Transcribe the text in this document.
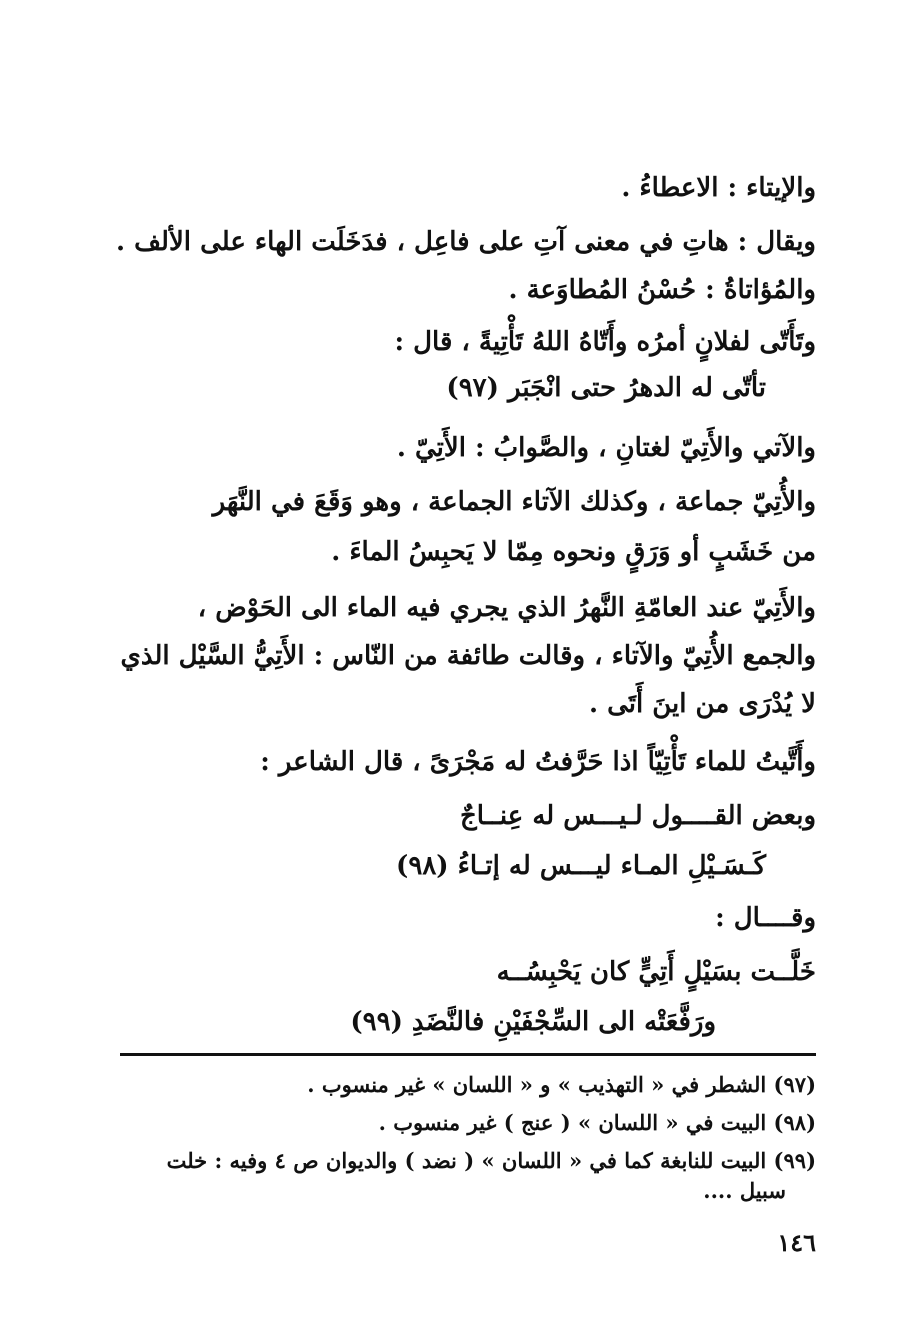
والإيتاء : الاعطاءُ .
ويقال : هاتِ في معنى آتِ على فاعِل ، فدَخَلَت الهاء على الألف .
والمُؤاتاةُ : حُسْنُ المُطاوَعة .
وتَأَتّى لفلانٍ أمرُه وأَتّاهُ اللهُ تَأْتِيةً ، قال :
تأتّى له الدهرُ حتى انْجَبَر (٩٧)
والآتي والأَتِيّ لغتانِ ، والصَّوابُ : الأَتِيّ .
والأُتِيّ جماعة ، وكذلك الآتاء الجماعة ، وهو وَقَعَ في النَّهَر
من خَشَبٍ أو وَرَقٍ ونحوه مِمّا لا يَحبِسُ الماءَ .
والأَتِيّ عند العامّةِ النَّهرُ الذي يجري فيه الماء الى الحَوْض ،
والجمع الأُتِيّ والآتاء ، وقالت طائفة من النّاس : الأَتِيُّ السَّيْل الذي
لا يُدْرَى من اينَ أَتَى .
وأَتَّيتُ للماء تَأْتِيّاً اذا حَرَّفتُ له مَجْرَىً ، قال الشاعر :
وبعض القــــول لـيـــس له عِنــاجٌ
كَـسَـيْلِ المـاء ليـــس له إتـاءُ (٩٨)
وقــــال :
خَلَّــت بسَيْلٍ أَتِيٍّ كان يَحْبِسُــه
ورَفَّعَتْه الى السِّجْفَيْنِ فالنَّضَدِ (٩٩)
(٩٧) الشطر في « التهذيب » و « اللسان » غير منسوب .
(٩٨) البيت في « اللسان » ( عنج ) غير منسوب .
(٩٩) البيت للنابغة كما في « اللسان » ( نضد ) والديوان ص ٤ وفيه : خلت
سبيل ....
١٤٦
